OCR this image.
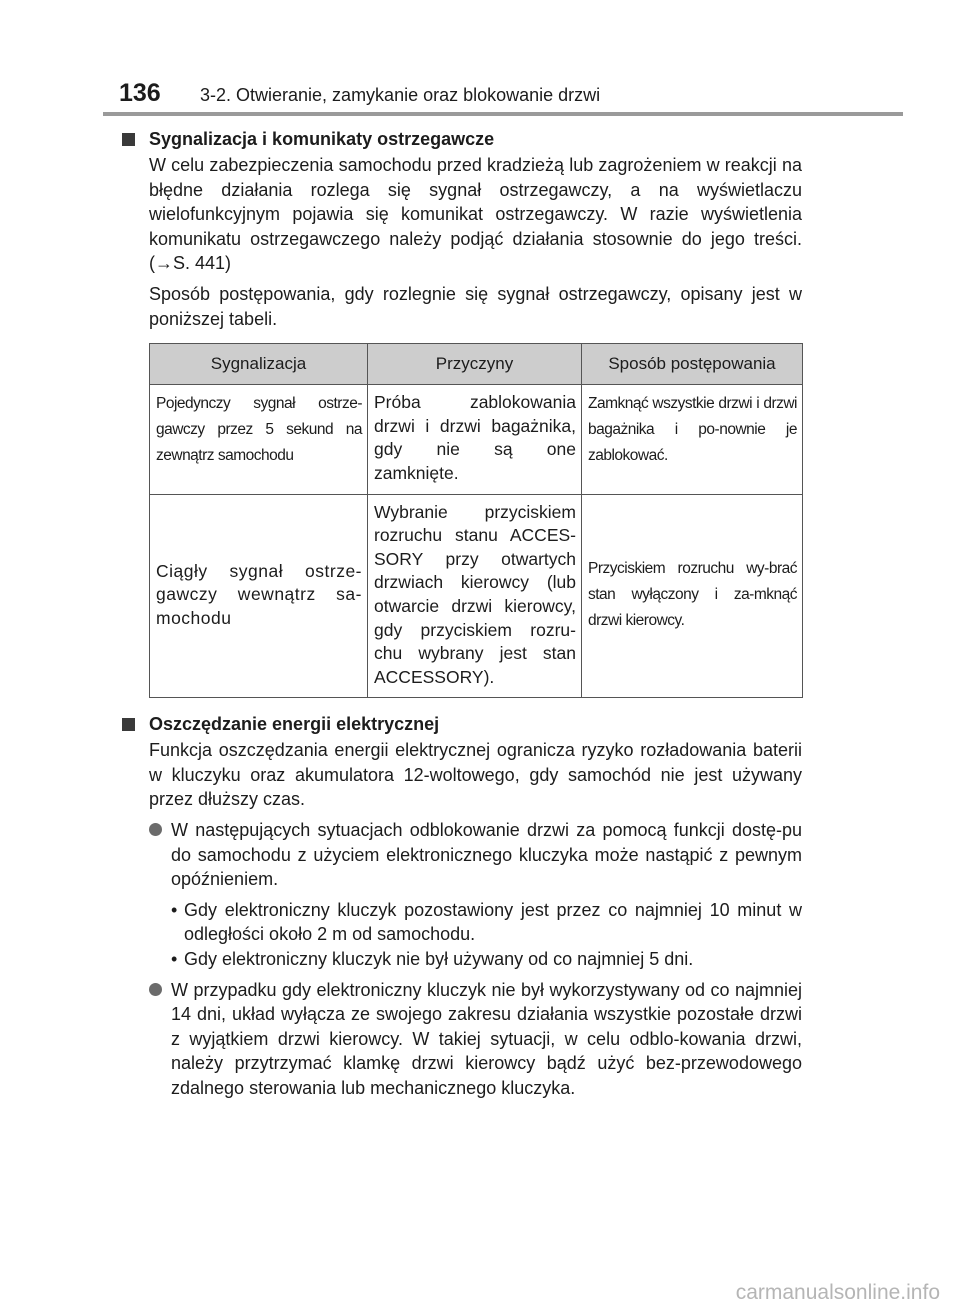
136 3-2. Otwieranie, zamykanie oraz blokowanie drzwi
Sygnalizacja i komunikaty ostrzegawcze
W celu zabezpieczenia samochodu przed kradzieżą lub zagrożeniem w reakcji na błędne działania rozlega się sygnał ostrzegawczy, a na wyświetlaczu wielofunkcyjnym pojawia się komunikat ostrzegawczy. W razie wyświetlenia komunikatu ostrzegawczego należy podjąć działania stosownie do jego treści. (→S. 441)
Sposób postępowania, gdy rozlegnie się sygnał ostrzegawczy, opisany jest w poniższej tabeli.
Sygnalizacja	Przyczyny	Sposób postępowania
Pojedynczy sygnał ostrze-gawczy przez 5 sekund na zewnątrz samochodu	Próba zablokowania drzwi i drzwi bagażnika, gdy nie są one zamknięte.	Zamknąć wszystkie drzwi i drzwi bagażnika i po-nownie je zablokować.
Ciągły sygnał ostrze-gawczy wewnątrz sa-mochodu	Wybranie przyciskiem rozruchu stanu ACCES-SORY przy otwartych drzwiach kierowcy (lub otwarcie drzwi kierowcy, gdy przyciskiem rozru-chu wybrany jest stan ACCESSORY).	Przyciskiem rozruchu wy-brać stan wyłączony i za-mknąć drzwi kierowcy.
Oszczędzanie energii elektrycznej
Funkcja oszczędzania energii elektrycznej ogranicza ryzyko rozładowania baterii w kluczyku oraz akumulatora 12-woltowego, gdy samochód nie jest używany przez dłuższy czas.
W następujących sytuacjach odblokowanie drzwi za pomocą funkcji dostę-pu do samochodu z użyciem elektronicznego kluczyka może nastąpić z pewnym opóźnieniem.
• Gdy elektroniczny kluczyk pozostawiony jest przez co najmniej 10 minut w odległości około 2 m od samochodu.
• Gdy elektroniczny kluczyk nie był używany od co najmniej 5 dni.
W przypadku gdy elektroniczny kluczyk nie był wykorzystywany od co najmniej 14 dni, układ wyłącza ze swojego zakresu działania wszystkie pozostałe drzwi z wyjątkiem drzwi kierowcy. W takiej sytuacji, w celu odblo-kowania drzwi, należy przytrzymać klamkę drzwi kierowcy bądź użyć bez-przewodowego zdalnego sterowania lub mechanicznego kluczyka.
carmanualsonline.info
